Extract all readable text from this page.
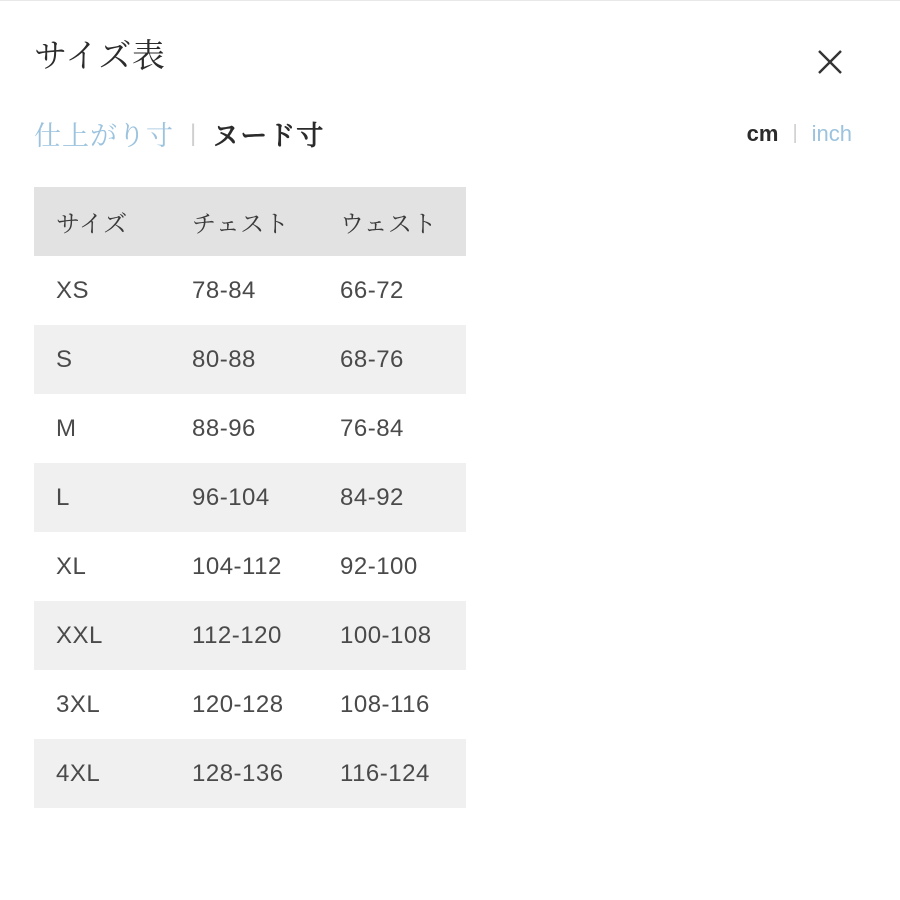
サイズ表
仕上がり寸 | ヌード寸	cm | inch
サイズ	チェスト	ウェスト
XS	78-84	66-72
S	80-88	68-76
M	88-96	76-84
L	96-104	84-92
XL	104-112	92-100
XXL	112-120	100-108
3XL	120-128	108-116
4XL	128-136	116-124
